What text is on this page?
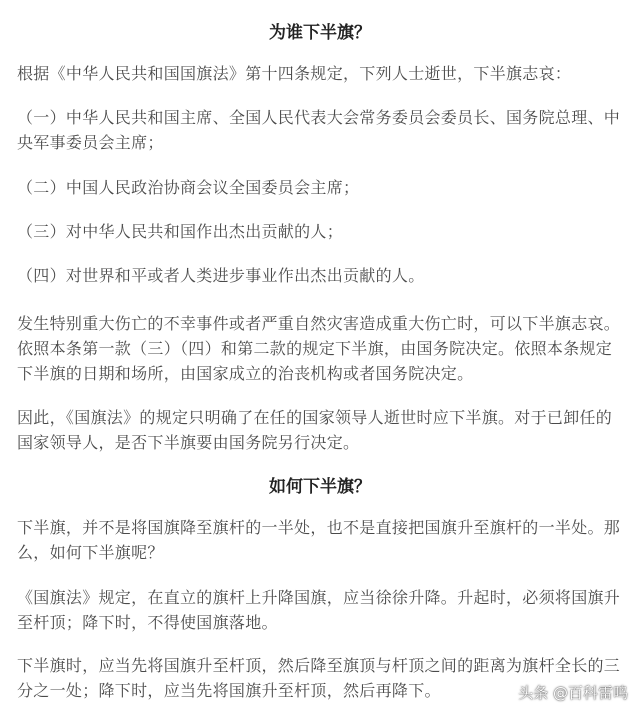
为谁下半旗？
根据《中华人民共和国国旗法》第十四条规定，下列人士逝世，下半旗志哀：
（一）中华人民共和国主席、全国人民代表大会常务委员会委员长、国务院总理、中
央军事委员会主席；
（二）中国人民政治协商会议全国委员会主席；
（三）对中华人民共和国作出杰出贡献的人；
（四）对世界和平或者人类进步事业作出杰出贡献的人。
发生特别重大伤亡的不幸事件或者严重自然灾害造成重大伤亡时，可以下半旗志哀。
依照本条第一款（三）（四）和第二款的规定下半旗，由国务院决定。依照本条规定
下半旗的日期和场所，由国家成立的治丧机构或者国务院决定。
因此，《国旗法》的规定只明确了在任的国家领导人逝世时应下半旗。对于已卸任的
国家领导人，是否下半旗要由国务院另行决定。
如何下半旗？
下半旗，并不是将国旗降至旗杆的一半处，也不是直接把国旗升至旗杆的一半处。那
么，如何下半旗呢？
《国旗法》规定，在直立的旗杆上升降国旗，应当徐徐升降。升起时，必须将国旗升
至杆顶；降下时，不得使国旗落地。
下半旗时，应当先将国旗升至杆顶，然后降至旗顶与杆顶之间的距离为旗杆全长的三
分之一处；降下时，应当先将国旗升至杆顶，然后再降下。	头条 @百科雷鸣
